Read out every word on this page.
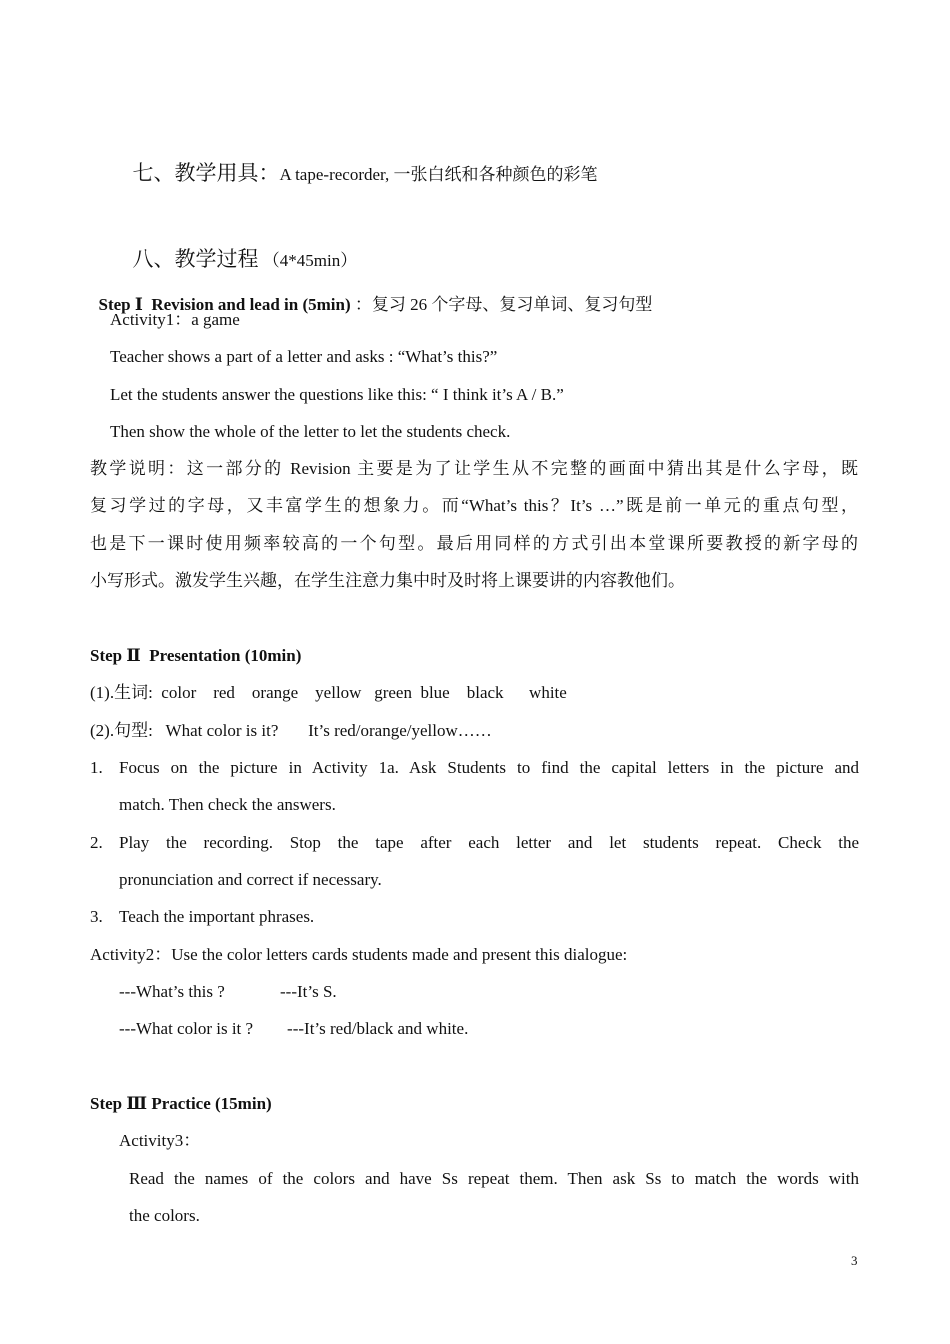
七、教学用具：A tape-recorder, 一张白纸和各种颜色的彩笔

八、教学过程 （4*45min）

Step Ⅰ  Revision and lead in (5min) ：复习 26 个字母、复习单词、复习句型

Activity1：a game
Teacher shows a part of a letter and asks : “What’s this?”
Let the students answer the questions like this: “ I think it’s A / B.”
Then show the whole of the letter to let the students check.
教学说明：这一部分的 Revision 主要是为了让学生从不完整的画面中猜出其是什么字母，既
复习学过的字母，又丰富学生的想象力。而“What’s this？It’s …”既是前一单元的重点句型，
也是下一课时使用频率较高的一个句型。最后用同样的方式引出本堂课所要教授的新字母的
小写形式。激发学生兴趣，在学生注意力集中时及时将上课要讲的内容教他们。
Step Ⅱ  Presentation (10min)
(1).生词:  color    red    orange    yellow   green  blue    black      white
(2).句型:   What color is it?       It’s red/orange/yellow……
1. Focus on the picture in Activity 1a. Ask Students to find the capital letters in the picture and
match. Then check the answers.
2. Play the recording. Stop the tape after each letter and let students repeat. Check the
pronunciation and correct if necessary.
3. Teach the important phrases.
Activity2：Use the color letters cards students made and present this dialogue:
---What’s this ?             ---It’s S.
---What color is it ?        ---It’s red/black and white.
Step Ⅲ Practice (15min)
Activity3：
Read the names of the colors and have Ss repeat them. Then ask Ss to match the words with
the colors.
3
